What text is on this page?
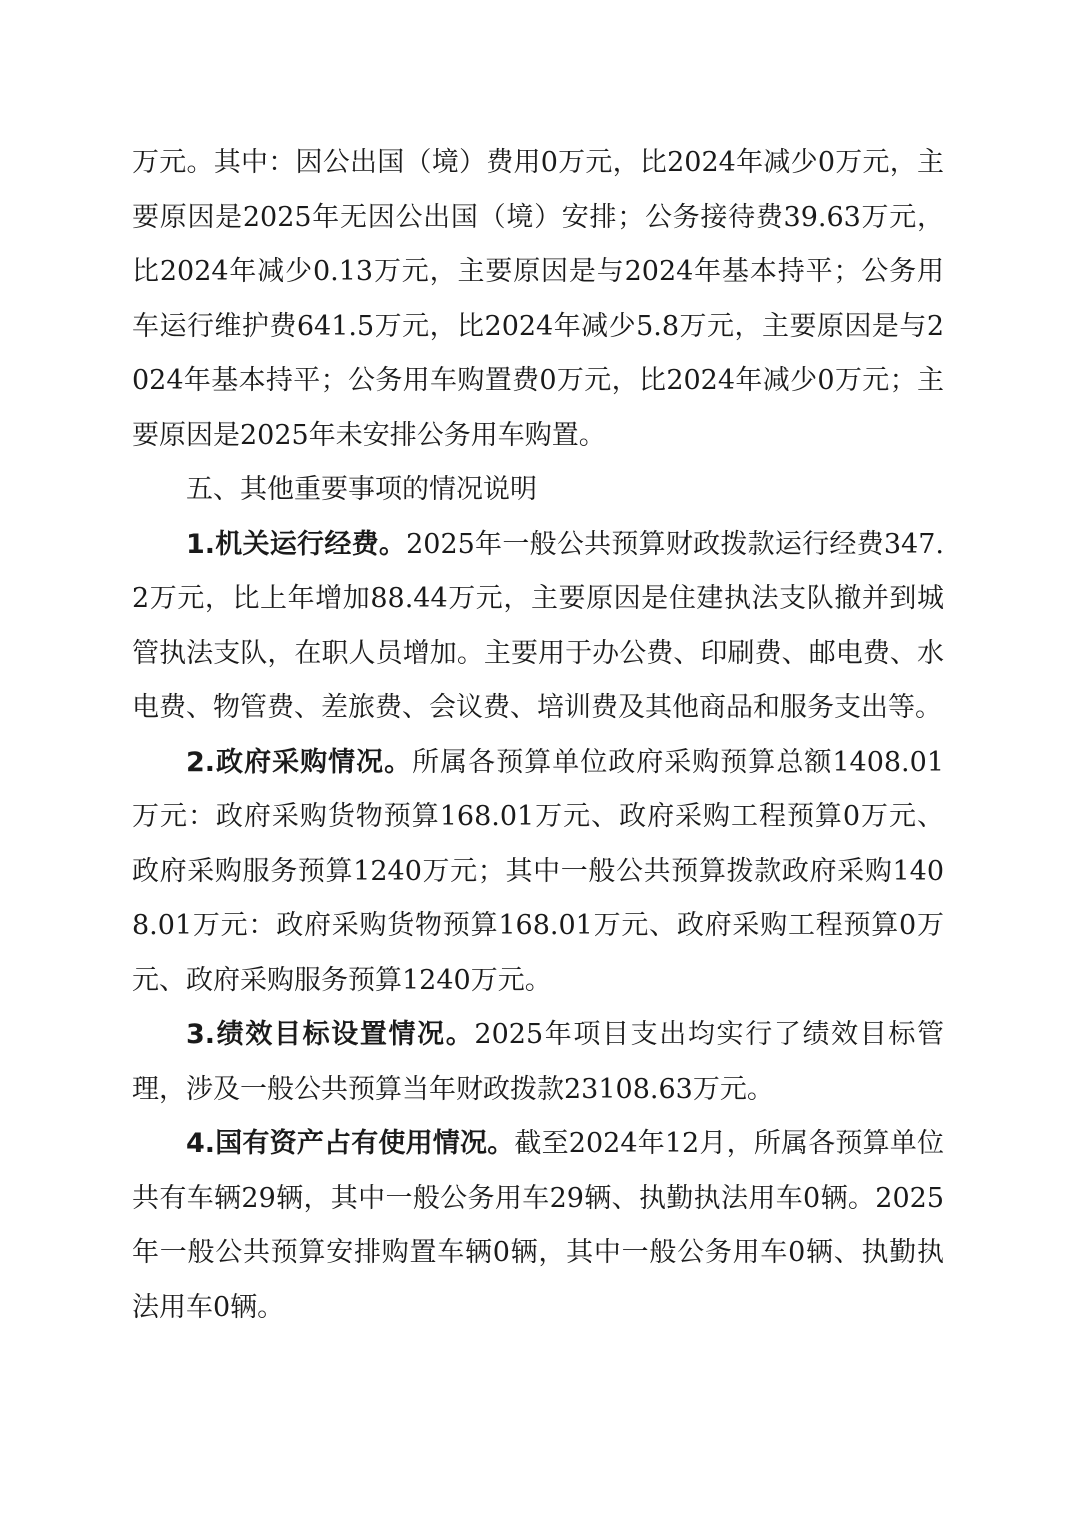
万元。其中：因公出国（境）费用0万元，比2024年减少0万元，主要原因是2025年无因公出国（境）安排；公务接待费39.63万元，比2024年减少0.13万元，主要原因是与2024年基本持平；公务用车运行维护费641.5万元，比2024年减少5.8万元，主要原因是与2024年基本持平；公务用车购置费0万元，比2024年减少0万元；主要原因是2025年未安排公务用车购置。

五、其他重要事项的情况说明

1.机关运行经费。2025年一般公共预算财政拨款运行经费347.2万元，比上年增加88.44万元，主要原因是住建执法支队撤并到城管执法支队，在职人员增加。主要用于办公费、印刷费、邮电费、水电费、物管费、差旅费、会议费、培训费及其他商品和服务支出等。

2.政府采购情况。所属各预算单位政府采购预算总额1408.01万元：政府采购货物预算168.01万元、政府采购工程预算0万元、政府采购服务预算1240万元；其中一般公共预算拨款政府采购1408.01万元：政府采购货物预算168.01万元、政府采购工程预算0万元、政府采购服务预算1240万元。

3.绩效目标设置情况。2025年项目支出均实行了绩效目标管理，涉及一般公共预算当年财政拨款23108.63万元。

4.国有资产占有使用情况。截至2024年12月，所属各预算单位共有车辆29辆，其中一般公务用车29辆、执勤执法用车0辆。2025年一般公共预算安排购置车辆0辆，其中一般公务用车0辆、执勤执法用车0辆。
